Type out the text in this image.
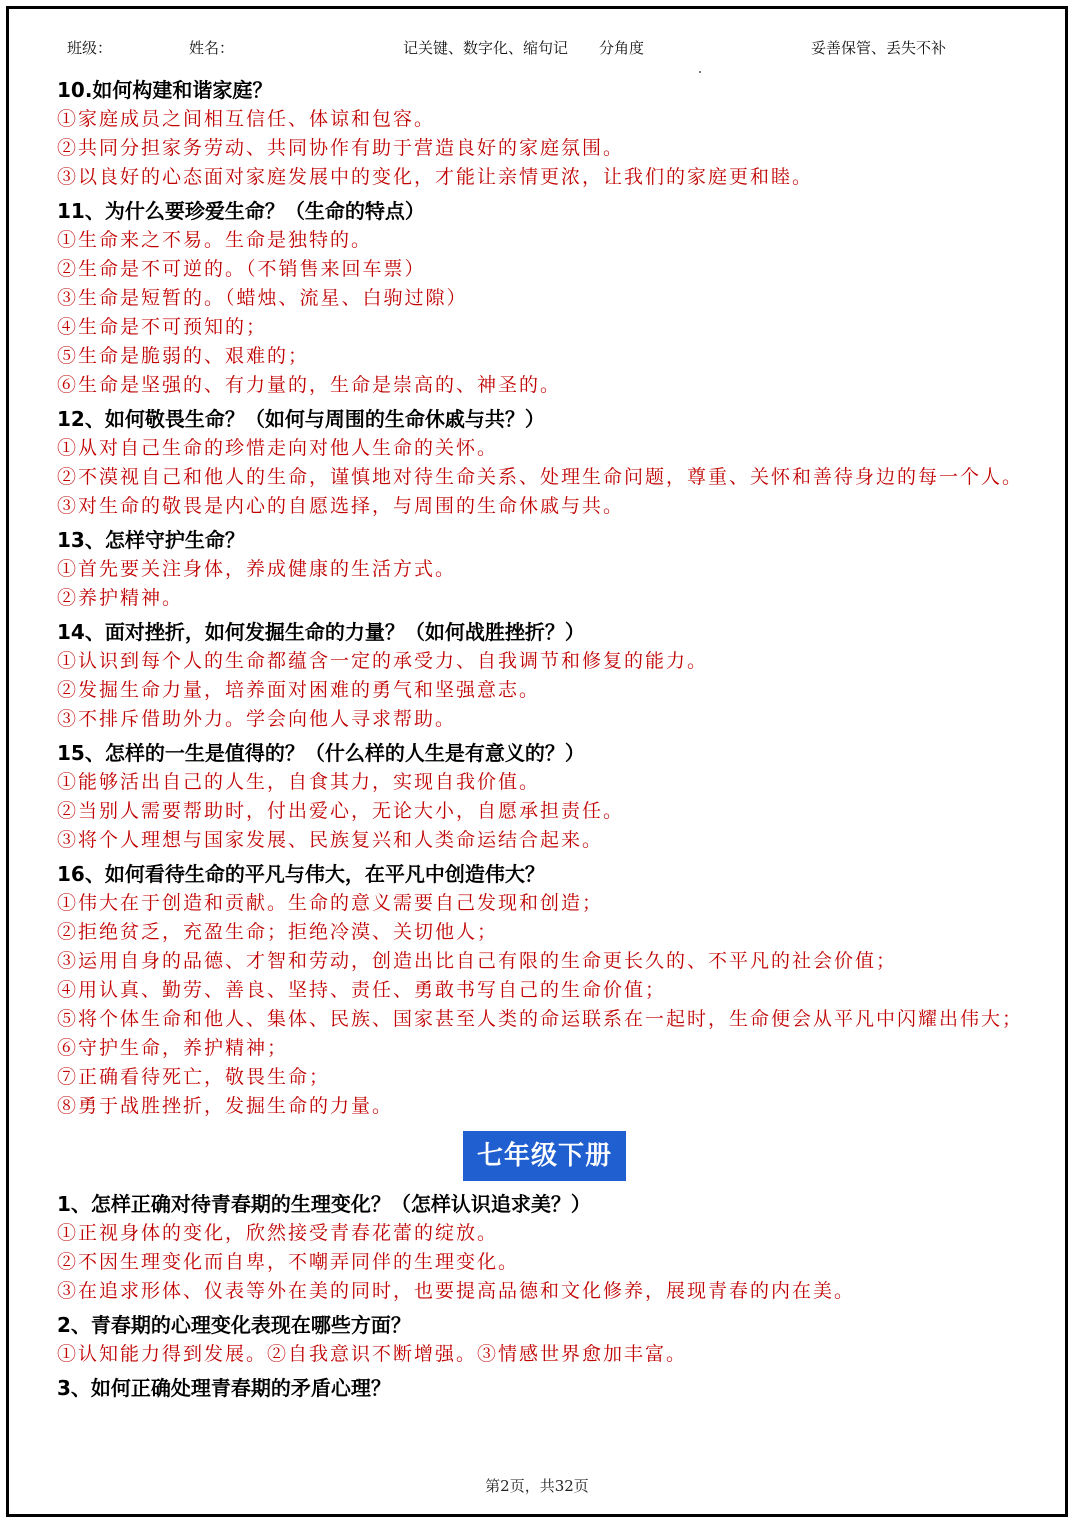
班级：	姓名：	记关键、数字化、缩句记 分角度	妥善保管、丢失不补
10.如何构建和谐家庭？
①家庭成员之间相互信任、体谅和包容。
②共同分担家务劳动、共同协作有助于营造良好的家庭氛围。
③以良好的心态面对家庭发展中的变化，才能让亲情更浓，让我们的家庭更和睦。
11、为什么要珍爱生命？（生命的特点）
①生命来之不易。生命是独特的。
②生命是不可逆的。（不销售来回车票）
③生命是短暂的。（蜡烛、流星、白驹过隙）
④生命是不可预知的；
⑤生命是脆弱的、艰难的；
⑥生命是坚强的、有力量的，生命是崇高的、神圣的。
12、如何敬畏生命？（如何与周围的生命休戚与共？）
①从对自己生命的珍惜走向对他人生命的关怀。
②不漠视自己和他人的生命，谨慎地对待生命关系、处理生命问题，尊重、关怀和善待身边的每一个人。
③对生命的敬畏是内心的自愿选择，与周围的生命休戚与共。
13、怎样守护生命？
①首先要关注身体，养成健康的生活方式。
②养护精神。
14、面对挫折，如何发掘生命的力量？（如何战胜挫折？）
①认识到每个人的生命都蕴含一定的承受力、自我调节和修复的能力。
②发掘生命力量，培养面对困难的勇气和坚强意志。
③不排斥借助外力。学会向他人寻求帮助。
15、怎样的一生是值得的？（什么样的人生是有意义的？）
①能够活出自己的人生，自食其力，实现自我价值。
②当别人需要帮助时，付出爱心，无论大小，自愿承担责任。
③将个人理想与国家发展、民族复兴和人类命运结合起来。
16、如何看待生命的平凡与伟大，在平凡中创造伟大？
①伟大在于创造和贡献。生命的意义需要自己发现和创造；
②拒绝贫乏，充盈生命；拒绝冷漠、关切他人；
③运用自身的品德、才智和劳动，创造出比自己有限的生命更长久的、不平凡的社会价值；
④用认真、勤劳、善良、坚持、责任、勇敢书写自己的生命价值；
⑤将个体生命和他人、集体、民族、国家甚至人类的命运联系在一起时，生命便会从平凡中闪耀出伟大；
⑥守护生命，养护精神；
⑦正确看待死亡，敬畏生命；
⑧勇于战胜挫折，发掘生命的力量。
七年级下册
1、怎样正确对待青春期的生理变化？（怎样认识追求美？）
①正视身体的变化，欣然接受青春花蕾的绽放。
②不因生理变化而自卑，不嘲弄同伴的生理变化。
③在追求形体、仪表等外在美的同时，也要提高品德和文化修养，展现青春的内在美。
2、青春期的心理变化表现在哪些方面？
①认知能力得到发展。②自我意识不断增强。③情感世界愈加丰富。
3、如何正确处理青春期的矛盾心理？
第2页，共32页
